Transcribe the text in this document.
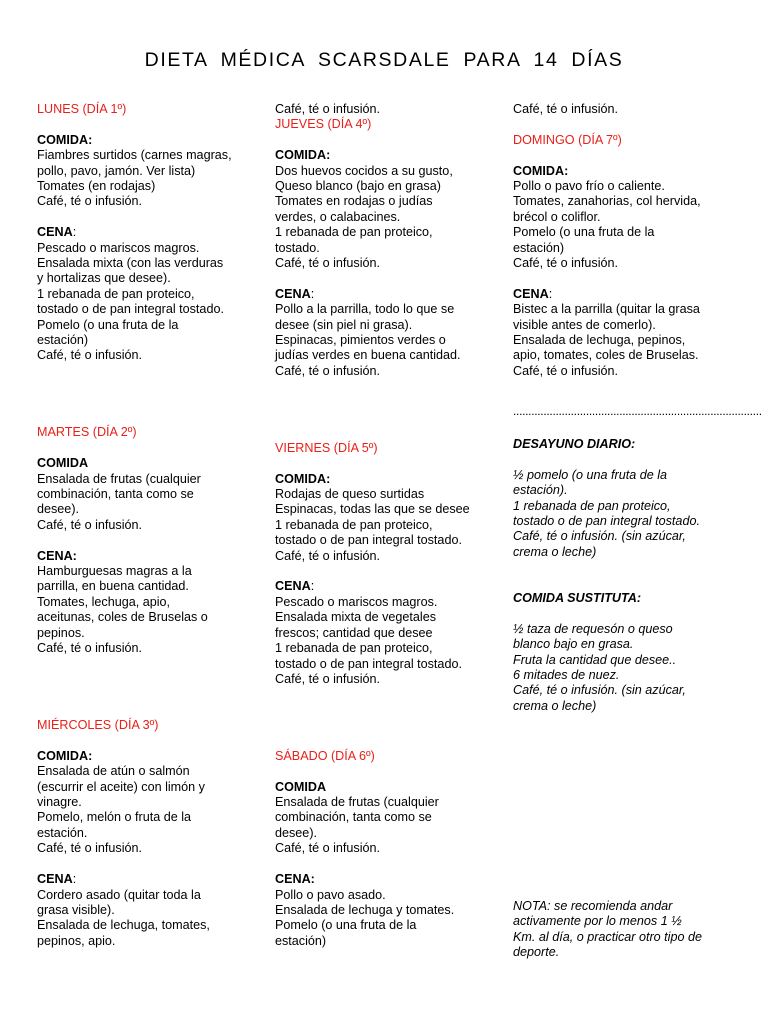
DIETA MÉDICA SCARSDALE PARA 14 DÍAS
LUNES (DÍA 1º)
COMIDA:
Fiambres surtidos (carnes magras,
pollo, pavo, jamón. Ver lista)
Tomates (en rodajas)
Café, té o infusión.
CENA:
Pescado o mariscos magros.
Ensalada mixta (con las verduras
y hortalizas que desee).
1 rebanada de pan proteico,
tostado o de pan integral tostado.
Pomelo (o una fruta de la
estación)
Café, té o infusión.
MARTES (DÍA 2º)
COMIDA
Ensalada de frutas (cualquier
combinación, tanta como se
desee).
Café, té o infusión.
CENA:
Hamburguesas magras a la
parrilla, en buena cantidad.
Tomates, lechuga, apio,
aceitunas, coles de Bruselas o
pepinos.
Café, té o infusión.
MIÉRCOLES (DÍA 3º)
COMIDA:
Ensalada de atún o salmón
(escurrir el aceite) con limón y
vinagre.
Pomelo, melón o fruta de la
estación.
Café, té o infusión.
CENA:
Cordero asado (quitar toda la
grasa visible).
Ensalada de lechuga, tomates,
pepinos, apio.
Café, té o infusión.
JUEVES (DÍA 4º)
COMIDA:
Dos huevos cocidos a su gusto,
Queso blanco (bajo en grasa)
Tomates en rodajas o judías
verdes, o calabacines.
1 rebanada de pan proteico,
tostado.
Café, té o infusión.
CENA:
Pollo a la parrilla, todo lo que se
desee (sin piel ni grasa).
Espinacas, pimientos verdes o
judías verdes en buena cantidad.
Café, té o infusión.
VIERNES (DÍA 5º)
COMIDA:
Rodajas de queso surtidas
Espinacas, todas las que se desee
1 rebanada de pan proteico,
tostado o de pan integral tostado.
Café, té o infusión.
CENA:
Pescado o mariscos magros.
Ensalada mixta de vegetales
frescos; cantidad que desee
1 rebanada de pan proteico,
tostado o de pan integral tostado.
Café, té o infusión.
SÁBADO (DÍA 6º)
COMIDA
Ensalada de frutas (cualquier
combinación, tanta como se
desee).
Café, té o infusión.
CENA:
Pollo o pavo asado.
Ensalada de lechuga y tomates.
Pomelo (o una fruta de la
estación)
Café, té o infusión.
DOMINGO (DÍA 7º)
COMIDA:
Pollo o pavo frío o caliente.
Tomates, zanahorias, col hervida,
brécol o coliflor.
Pomelo (o una fruta de la
estación)
Café, té o infusión.
CENA:
Bistec a la parrilla (quitar la grasa
visible antes de comerlo).
Ensalada de lechuga, pepinos,
apio, tomates, coles de Bruselas.
Café, té o infusión.
..................................................................................
DESAYUNO DIARIO:
½ pomelo (o una fruta de la
estación).
1 rebanada de pan proteico,
tostado o de pan integral tostado.
Café, té o infusión. (sin azúcar,
crema o leche)
COMIDA SUSTITUTA:
½ taza de requesón o queso
blanco bajo en grasa.
Fruta la cantidad que desee..
6 mitades de nuez.
Café, té o infusión. (sin azúcar,
crema o leche)
NOTA: se recomienda andar
activamente por lo menos 1 ½
Km. al día, o practicar otro tipo de
deporte.
